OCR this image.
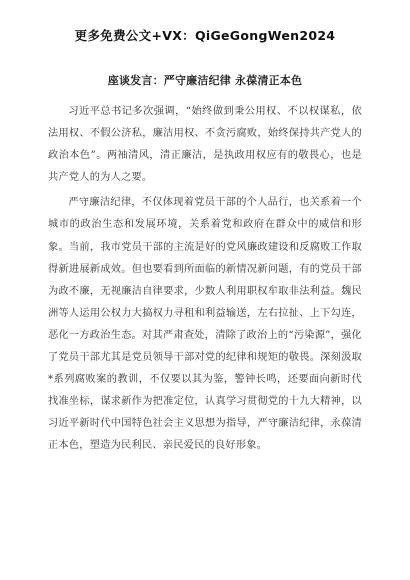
更多免费公文+VX：QiGeGongWen2024
座谈发言：严守廉洁纪律 永葆清正本色

习近平总书记多次强调，“始终做到秉公用权、不以权谋私，依法用权、不假公济私，廉洁用权、不贪污腐败，始终保持共产党人的政治本色”。两袖清风，清正廉洁，是执政用权应有的敬畏心，也是共产党人的为人之要。

严守廉洁纪律，不仅体现着党员干部的个人品行，也关系着一个城市的政治生态和发展环境，关系着党和政府在群众中的威信和形象。当前，我市党员干部的主流是好的党风廉政建设和反腐败工作取得新进展新成效。但也要看到所面临的新情况新问题，有的党员干部为政不廉，无视廉洁自律要求，少数人利用职权牟取非法利益。魏民洲等人运用公权力大搞权力寻租和利益输送，左右拉扯、上下勾连，恶化一方政治生态。对其严肃查处，清除了政治上的“污染源”，强化了党员干部尤其是党员领导干部对党的纪律和规矩的敬畏。深刻汲取*系列腐败案的教训，不仅要以其为鉴，警钟长鸣，还要面向新时代找准坐标，谋求新作为把准定位，认真学习贯彻党的十九大精神，以习近平新时代中国特色社会主义思想为指导，严守廉洁纪律，永葆清正本色，塑造为民利民、亲民爱民的良好形象。
